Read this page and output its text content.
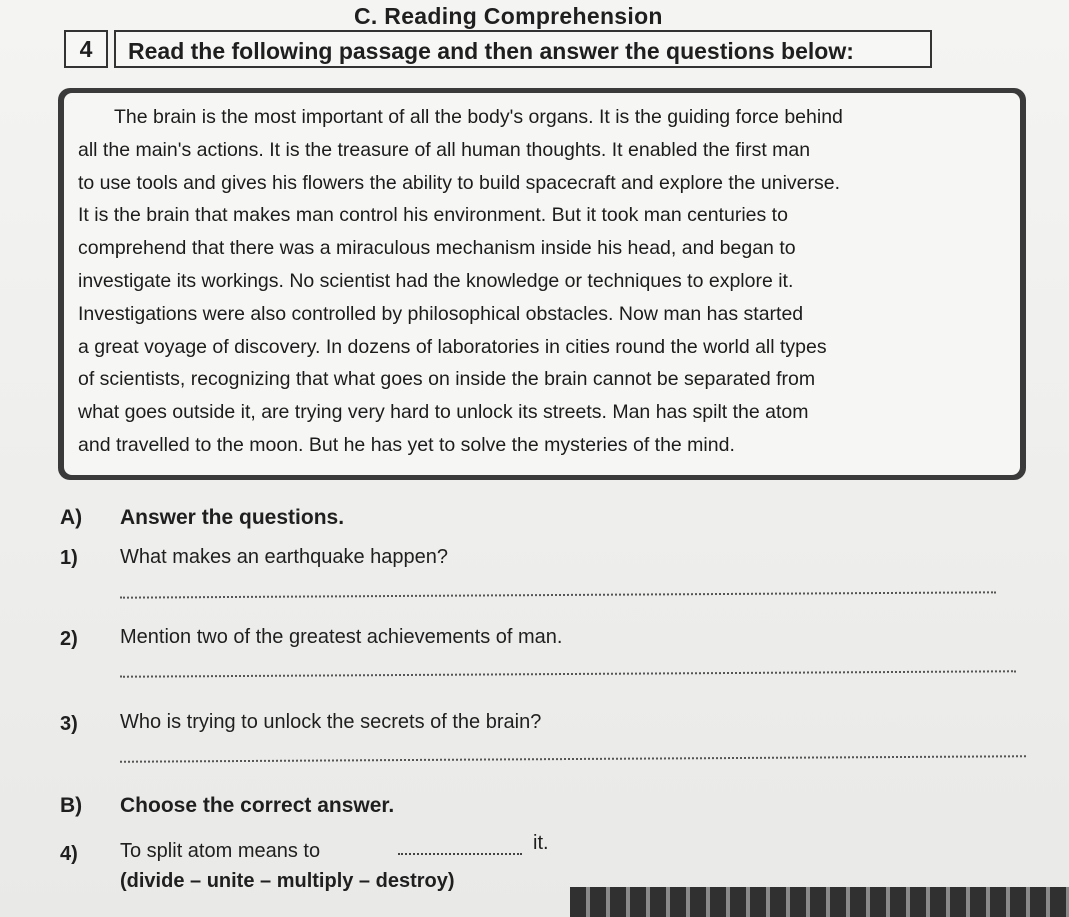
C. Reading Comprehension
4	Read the following passage and then answer the questions below:
The brain is the most important of all the body's organs. It is the guiding force behind
all the main's actions. It is the treasure of all human thoughts. It enabled the first man
to use tools and gives his flowers the ability to build spacecraft and explore the universe.
It is the brain that makes man control his environment. But it took man centuries to
comprehend that there was a miraculous mechanism inside his head, and began to
investigate its workings. No scientist had the knowledge or techniques to explore it.
Investigations were also controlled by philosophical obstacles. Now man has started
a great voyage of discovery. In dozens of laboratories in cities round the world all types
of scientists, recognizing that what goes on inside the brain cannot be separated from
what goes outside it, are trying very hard to unlock its streets. Man has spilt the atom
and travelled to the moon. But he has yet to solve the mysteries of the mind.
A) Answer the questions.
1) What makes an earthquake happen?
2) Mention two of the greatest achievements of man.
3) Who is trying to unlock the secrets of the brain?
B) Choose the correct answer.
4) To split atom means to	it.
(divide – unite – multiply – destroy)
